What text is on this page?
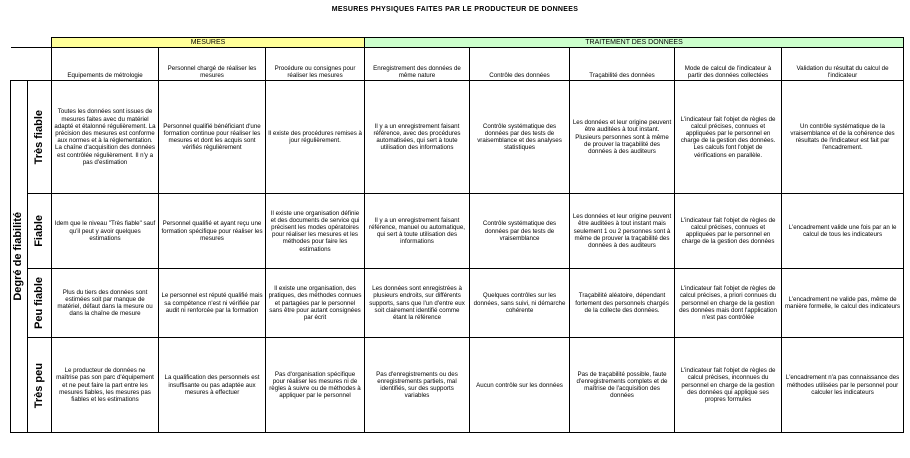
MESURES PHYSIQUES FAITES PAR LE PRODUCTEUR DE DONNEES
		MESURES			TRAITEMENT DES DONNEES				
		Equipements de métrologie	Personnel chargé de réaliser les mesures	Procédure ou consignes pour réaliser les mesures	Enregistrement des données de même nature	Contrôle des données	Traçabilité des données	Mode de calcul de l'indicateur à partir des données collectées	Validation du résultat du calcul de l'indicateur

Degré de fiabilité	Très fiable	Toutes les données sont issues de mesures faites avec du matériel adapté et étalonné régulièrement. La précision des mesures est conforme aux normes et à la réglementation. La chaîne d'acquisition des données est contrôlée régulièrement. Il n'y a pas d'estimation	Personnel qualifié bénéficiant d'une formation continue pour réaliser les mesures et dont les acquis sont vérifiés régulièrement	Il existe des procédures remises à jour régulièrement.	Il y a un enregistrement faisant référence, avec des procédures automatisées, qui sert à toute utilisation des informations	Contrôle systématique des données par des tests de vraisemblance et des analyses statistiques	Les données et leur origine peuvent être auditées à tout instant. Plusieurs personnes sont à même de prouver la traçabilité des données à des auditeurs	L'indicateur fait l'objet de règles de calcul précises, connues et appliquées par le personnel en charge de la gestion des données. Les calculs font l'objet de vérifications en parallèle.	Un contrôle systématique de la vraisemblance et de la cohérence des résultats de l'indicateur est fait par l'encadrement.

	Fiable	Idem que le niveau "Très fiable" sauf qu'il peut y avoir quelques estimations	Personnel qualifié et ayant reçu une formation spécifique pour réaliser les mesures	Il existe une organisation définie et des documents de service qui précisent les modes opératoires pour réaliser les mesures et les méthodes pour faire les estimations	Il y a un enregistrement faisant référence, manuel ou automatique, qui sert à toute utilisation des informations	Contrôle systématique des données par des tests de vraisemblance	Les données et leur origine peuvent être auditées à tout instant mais seulement 1 ou 2 personnes sont à même de prouver la traçabilité des données à des auditeurs	L'indicateur fait l'objet de règles de calcul précises, connues et appliquées par le personnel en charge de la gestion des données	L'encadrement valide une fois par an le calcul de tous les indicateurs

	Peu fiable	Plus du tiers des données sont estimées soit par manque de matériel, défaut dans la mesure ou dans la chaîne de mesure	Le personnel est réputé qualifié mais sa compétence n'est ni vérifiée par audit ni renforcée par la formation	Il existe une organisation, des pratiques, des méthodes connues et partagées par le personnel sans être pour autant consignées par écrit	Les données sont enregistrées à plusieurs endroits, sur différents supports, sans que l'un d'entre eux soit clairement identifié comme étant la référence	Quelques contrôles sur les données, sans suivi, ni démarche cohérente	Traçabilité aléatoire, dépendant fortement des personnels chargés de la collecte des données.	L'indicateur fait l'objet de règles de calcul précises, a priori connues du personnel en charge de la gestion des données mais dont l'application n'est pas contrôlée	L'encadrement ne valide pas, même de manière formelle, le calcul des indicateurs

	Très peu	Le producteur de données ne maîtrise pas son parc d'équipement et ne peut faire la part entre les mesures fiables, les mesures pas fiables et les estimations	La qualification des personnels est insuffisante ou pas adaptée aux mesures à effectuer	Pas d'organisation spécifique pour réaliser les mesures ni de règles à suivre ou de méthodes à appliquer par le personnel	Pas d'enregistrements ou des enregistrements partiels, mal identifiés, sur des supports variables	Aucun contrôle sur les données	Pas de traçabilité possible, faute d'enregistrements complets et de maîtrise de l'acquisition des données	L'indicateur fait l'objet de règles de calcul précises, inconnues du personnel en charge de la gestion des données qui applique ses propres formules	L'encadrement n'a pas connaissance des méthodes utilisées par le personnel pour calculer les indicateurs
